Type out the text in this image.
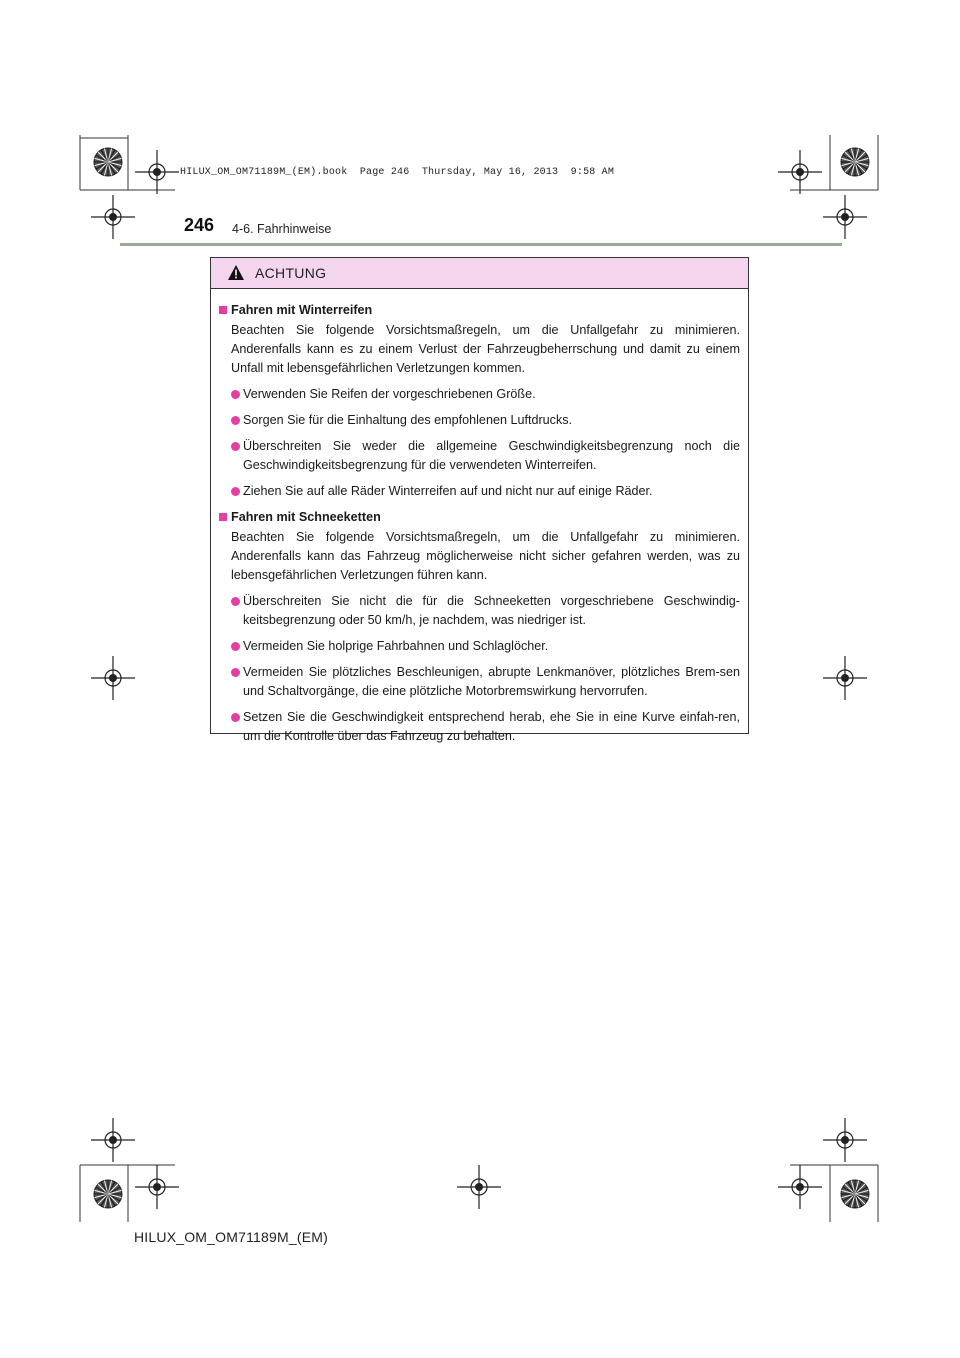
HILUX_OM_OM71189M_(EM).book  Page 246  Thursday, May 16, 2013  9:58 AM
246 4-6. Fahrhinweise
ACHTUNG
Fahren mit Winterreifen
Beachten Sie folgende Vorsichtsmaßregeln, um die Unfallgefahr zu minimieren. Anderenfalls kann es zu einem Verlust der Fahrzeugbeherrschung und damit zu einem Unfall mit lebensgefährlichen Verletzungen kommen.
Verwenden Sie Reifen der vorgeschriebenen Größe.
Sorgen Sie für die Einhaltung des empfohlenen Luftdrucks.
Überschreiten Sie weder die allgemeine Geschwindigkeitsbegrenzung noch die Geschwindigkeitsbegrenzung für die verwendeten Winterreifen.
Ziehen Sie auf alle Räder Winterreifen auf und nicht nur auf einige Räder.
Fahren mit Schneeketten
Beachten Sie folgende Vorsichtsmaßregeln, um die Unfallgefahr zu minimieren. Anderenfalls kann das Fahrzeug möglicherweise nicht sicher gefahren werden, was zu lebensgefährlichen Verletzungen führen kann.
Überschreiten Sie nicht die für die Schneeketten vorgeschriebene Geschwindig-keitsbegrenzung oder 50 km/h, je nachdem, was niedriger ist.
Vermeiden Sie holprige Fahrbahnen und Schlaglöcher.
Vermeiden Sie plötzliches Beschleunigen, abrupte Lenkmanöver, plötzliches Brem-sen und Schaltvorgänge, die eine plötzliche Motorbremswirkung hervorrufen.
Setzen Sie die Geschwindigkeit entsprechend herab, ehe Sie in eine Kurve einfah-ren, um die Kontrolle über das Fahrzeug zu behalten.
HILUX_OM_OM71189M_(EM)
